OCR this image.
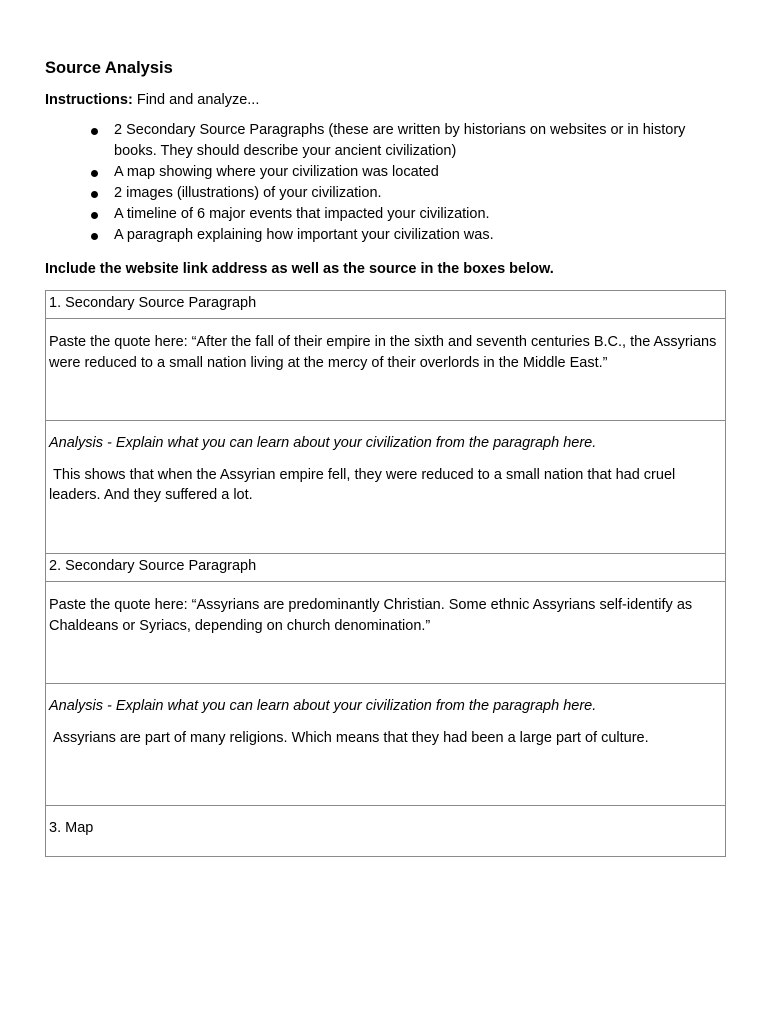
Source Analysis
Instructions: Find and analyze...
2 Secondary Source Paragraphs (these are written by historians on websites or in history books. They should describe your ancient civilization)
A map showing where your civilization was located
2 images (illustrations) of your civilization.
A timeline of 6 major events that impacted your civilization.
A paragraph explaining how important your civilization was.
Include the website link address as well as the source in the boxes below.
1. Secondary Source Paragraph

Paste the quote here: “After the fall of their empire in the sixth and seventh centuries B.C., the Assyrians were reduced to a small nation living at the mercy of their overlords in the Middle East.”

Analysis - Explain what you can learn about your civilization from the paragraph here.

This shows that when the Assyrian empire fell, they were reduced to a small nation that had cruel leaders. And they suffered a lot.

2. Secondary Source Paragraph

Paste the quote here: “Assyrians are predominantly Christian. Some ethnic Assyrians self-identify as Chaldeans or Syriacs, depending on church denomination.”

Analysis - Explain what you can learn about your civilization from the paragraph here.

Assyrians are part of many religions. Which means that they had been a large part of culture.

3. Map
